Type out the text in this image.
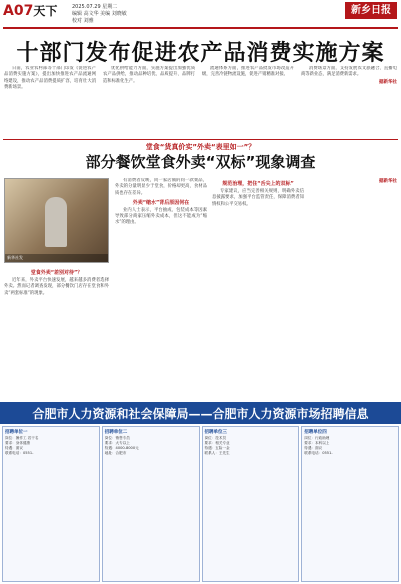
A07天下	2025.07.29 星期二
编辑 高文华 美编 刘晓敏
校对 刘雅
新乡日报
十部门发布促进农产品消费实施方案

日前，农业农村部等十部门印发《促进农产品消费实施方案》，提出加快推进农产品流通网络建设，推动农产品消费提质扩容，培育壮大消费新场景。

优化供给能力方面，实施方案提出加强优质农产品供给，推动品种培优、品质提升、品牌打造和标准化生产。

流通体系方面，推进农产品批发市场改造升级，完善冷链物流设施，促进产销精准对接。

消费场景方面，支持发展农文旅融合、直播电商等新业态，满足消费新需求。

据新华社
堂食“货真价实”外卖“表里如一”？
部分餐饮堂食外卖“双标”现象调查
新华社发
堂食外卖“差别对待”？

近年来，外卖平台快速发展，越来越多消费者选择外卖。然而记者调查发现，部分餐饮门店存在堂食和外卖“两套标准”的现象。

有消费者反映，同一家店铺的同一款菜品，外卖的分量明显少于堂食，价格却更高，食材品质也存在差异。

外卖“缩水”背后原因何在

业内人士表示，平台抽成、包装成本等因素导致部分商家压缩外卖成本，但这不能成为“缩水”的理由。

规范治理，把住“舌尖上的双标”

专家建议，应当完善相关规则，明确外卖信息披露要求，加强平台监管责任，保障消费者知情权和公平交易权。

据新华社
合肥市人力资源和社会保障局——合肥市人力资源市场招聘信息
招聘单位一
岗位：操作工 若干名
要求：身体健康
待遇：面议
联系电话：0551-
招聘单位二
岗位：销售专员
要求：大专以上
待遇：4000-8000元
地址：合肥市
招聘单位三
岗位：技术员
要求：相关专业
待遇：五险一金
联系人：王先生
招聘单位四
岗位：行政助理
要求：本科以上
待遇：面议
联系电话：0551-
